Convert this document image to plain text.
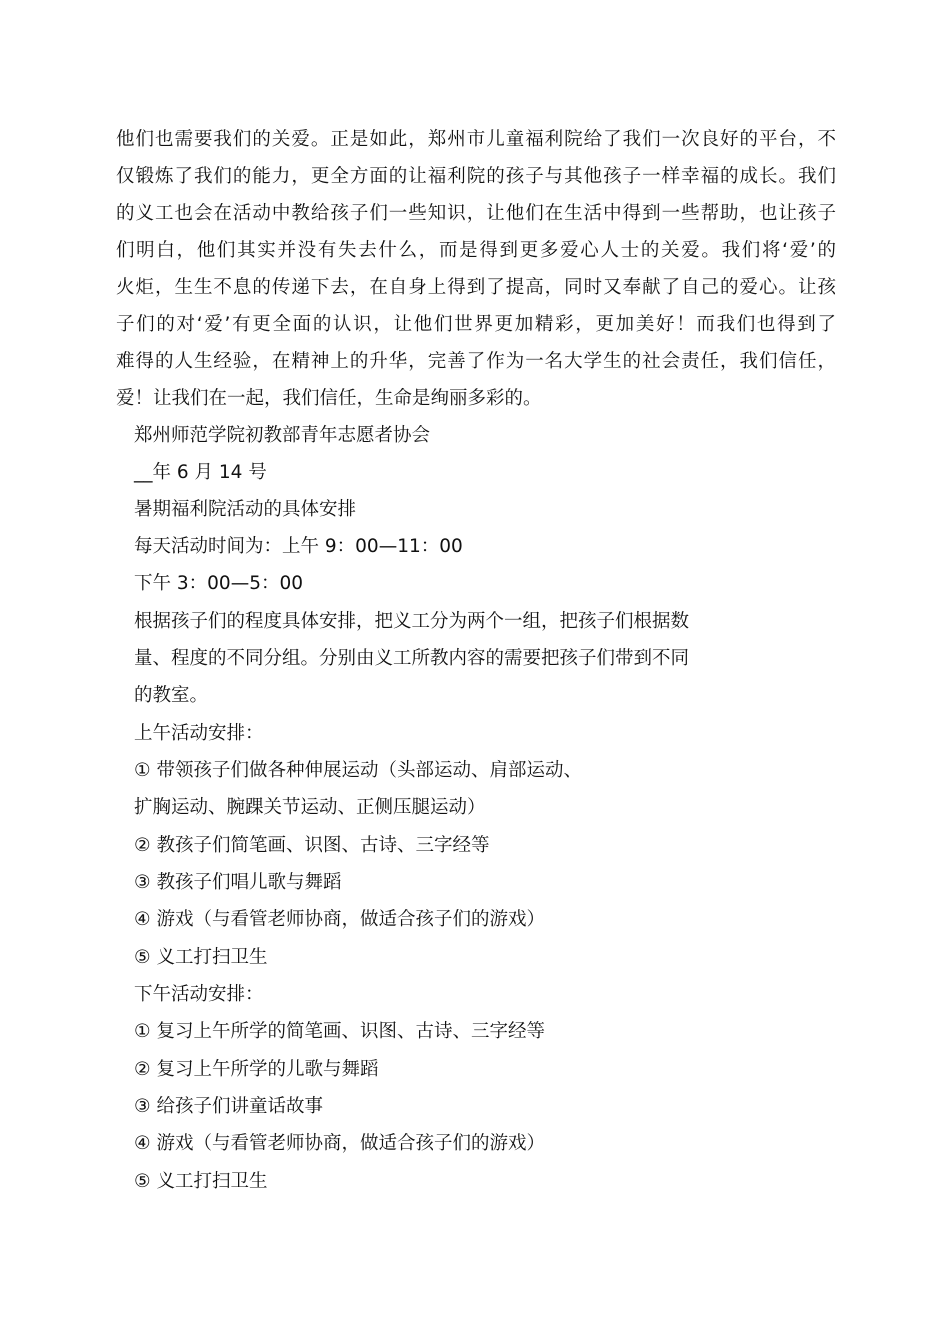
他们也需要我们的关爱。正是如此，郑州市儿童福利院给了我们一次良好的平台，不
仅锻炼了我们的能力，更全方面的让福利院的孩子与其他孩子一样幸福的成长。我们
的义工也会在活动中教给孩子们一些知识，让他们在生活中得到一些帮助，也让孩子
们明白，他们其实并没有失去什么，而是得到更多爱心人士的关爱。我们将‘爱’的
火炬，生生不息的传递下去，在自身上得到了提高，同时又奉献了自己的爱心。让孩
子们的对‘爱’有更全面的认识，让他们世界更加精彩，更加美好！而我们也得到了
难得的人生经验，在精神上的升华，完善了作为一名大学生的社会责任，我们信任，
爱！让我们在一起，我们信任，生命是绚丽多彩的。
郑州师范学院初教部青年志愿者协会
__年 6 月 14 号
暑期福利院活动的具体安排
每天活动时间为：上午 9：00—11：00
下午 3：00—5：00
根据孩子们的程度具体安排，把义工分为两个一组，把孩子们根据数
量、程度的不同分组。分别由义工所教内容的需要把孩子们带到不同
的教室。
上午活动安排：
① 带领孩子们做各种伸展运动（头部运动、肩部运动、
扩胸运动、腕踝关节运动、正侧压腿运动）
② 教孩子们简笔画、识图、古诗、三字经等
③ 教孩子们唱儿歌与舞蹈
④ 游戏（与看管老师协商，做适合孩子们的游戏）
⑤ 义工打扫卫生
下午活动安排：
① 复习上午所学的简笔画、识图、古诗、三字经等
② 复习上午所学的儿歌与舞蹈
③ 给孩子们讲童话故事
④ 游戏（与看管老师协商，做适合孩子们的游戏）
⑤ 义工打扫卫生
